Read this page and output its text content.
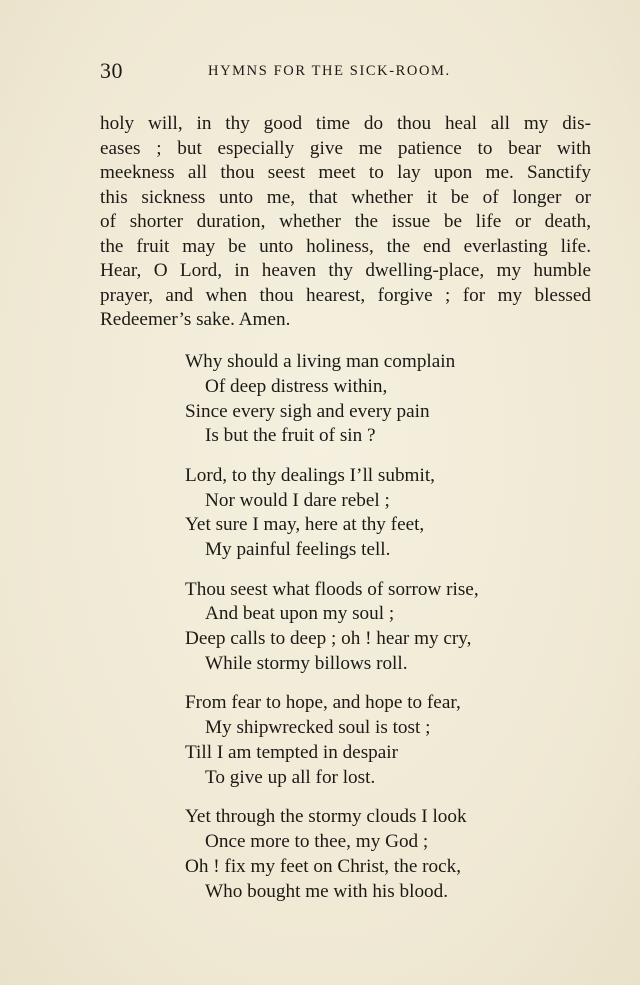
30	HYMNS FOR THE SICK-ROOM.
holy will, in thy good time do thou heal all my dis-
eases ; but especially give me patience to bear with
meekness all thou seest meet to lay upon me. Sanctify
this sickness unto me, that whether it be of longer or
of shorter duration, whether the issue be life or death,
the fruit may be unto holiness, the end everlasting life.
Hear, O Lord, in heaven thy dwelling-place, my humble
prayer, and when thou hearest, forgive ; for my blessed
Redeemer’s sake. Amen.
Why should a living man complain
Of deep distress within,
Since every sigh and every pain
Is but the fruit of sin ?
Lord, to thy dealings I’ll submit,
Nor would I dare rebel ;
Yet sure I may, here at thy feet,
My painful feelings tell.
Thou seest what floods of sorrow rise,
And beat upon my soul ;
Deep calls to deep ; oh ! hear my cry,
While stormy billows roll.
From fear to hope, and hope to fear,
My shipwrecked soul is tost ;
Till I am tempted in despair
To give up all for lost.
Yet through the stormy clouds I look
Once more to thee, my God ;
Oh ! fix my feet on Christ, the rock,
Who bought me with his blood.
